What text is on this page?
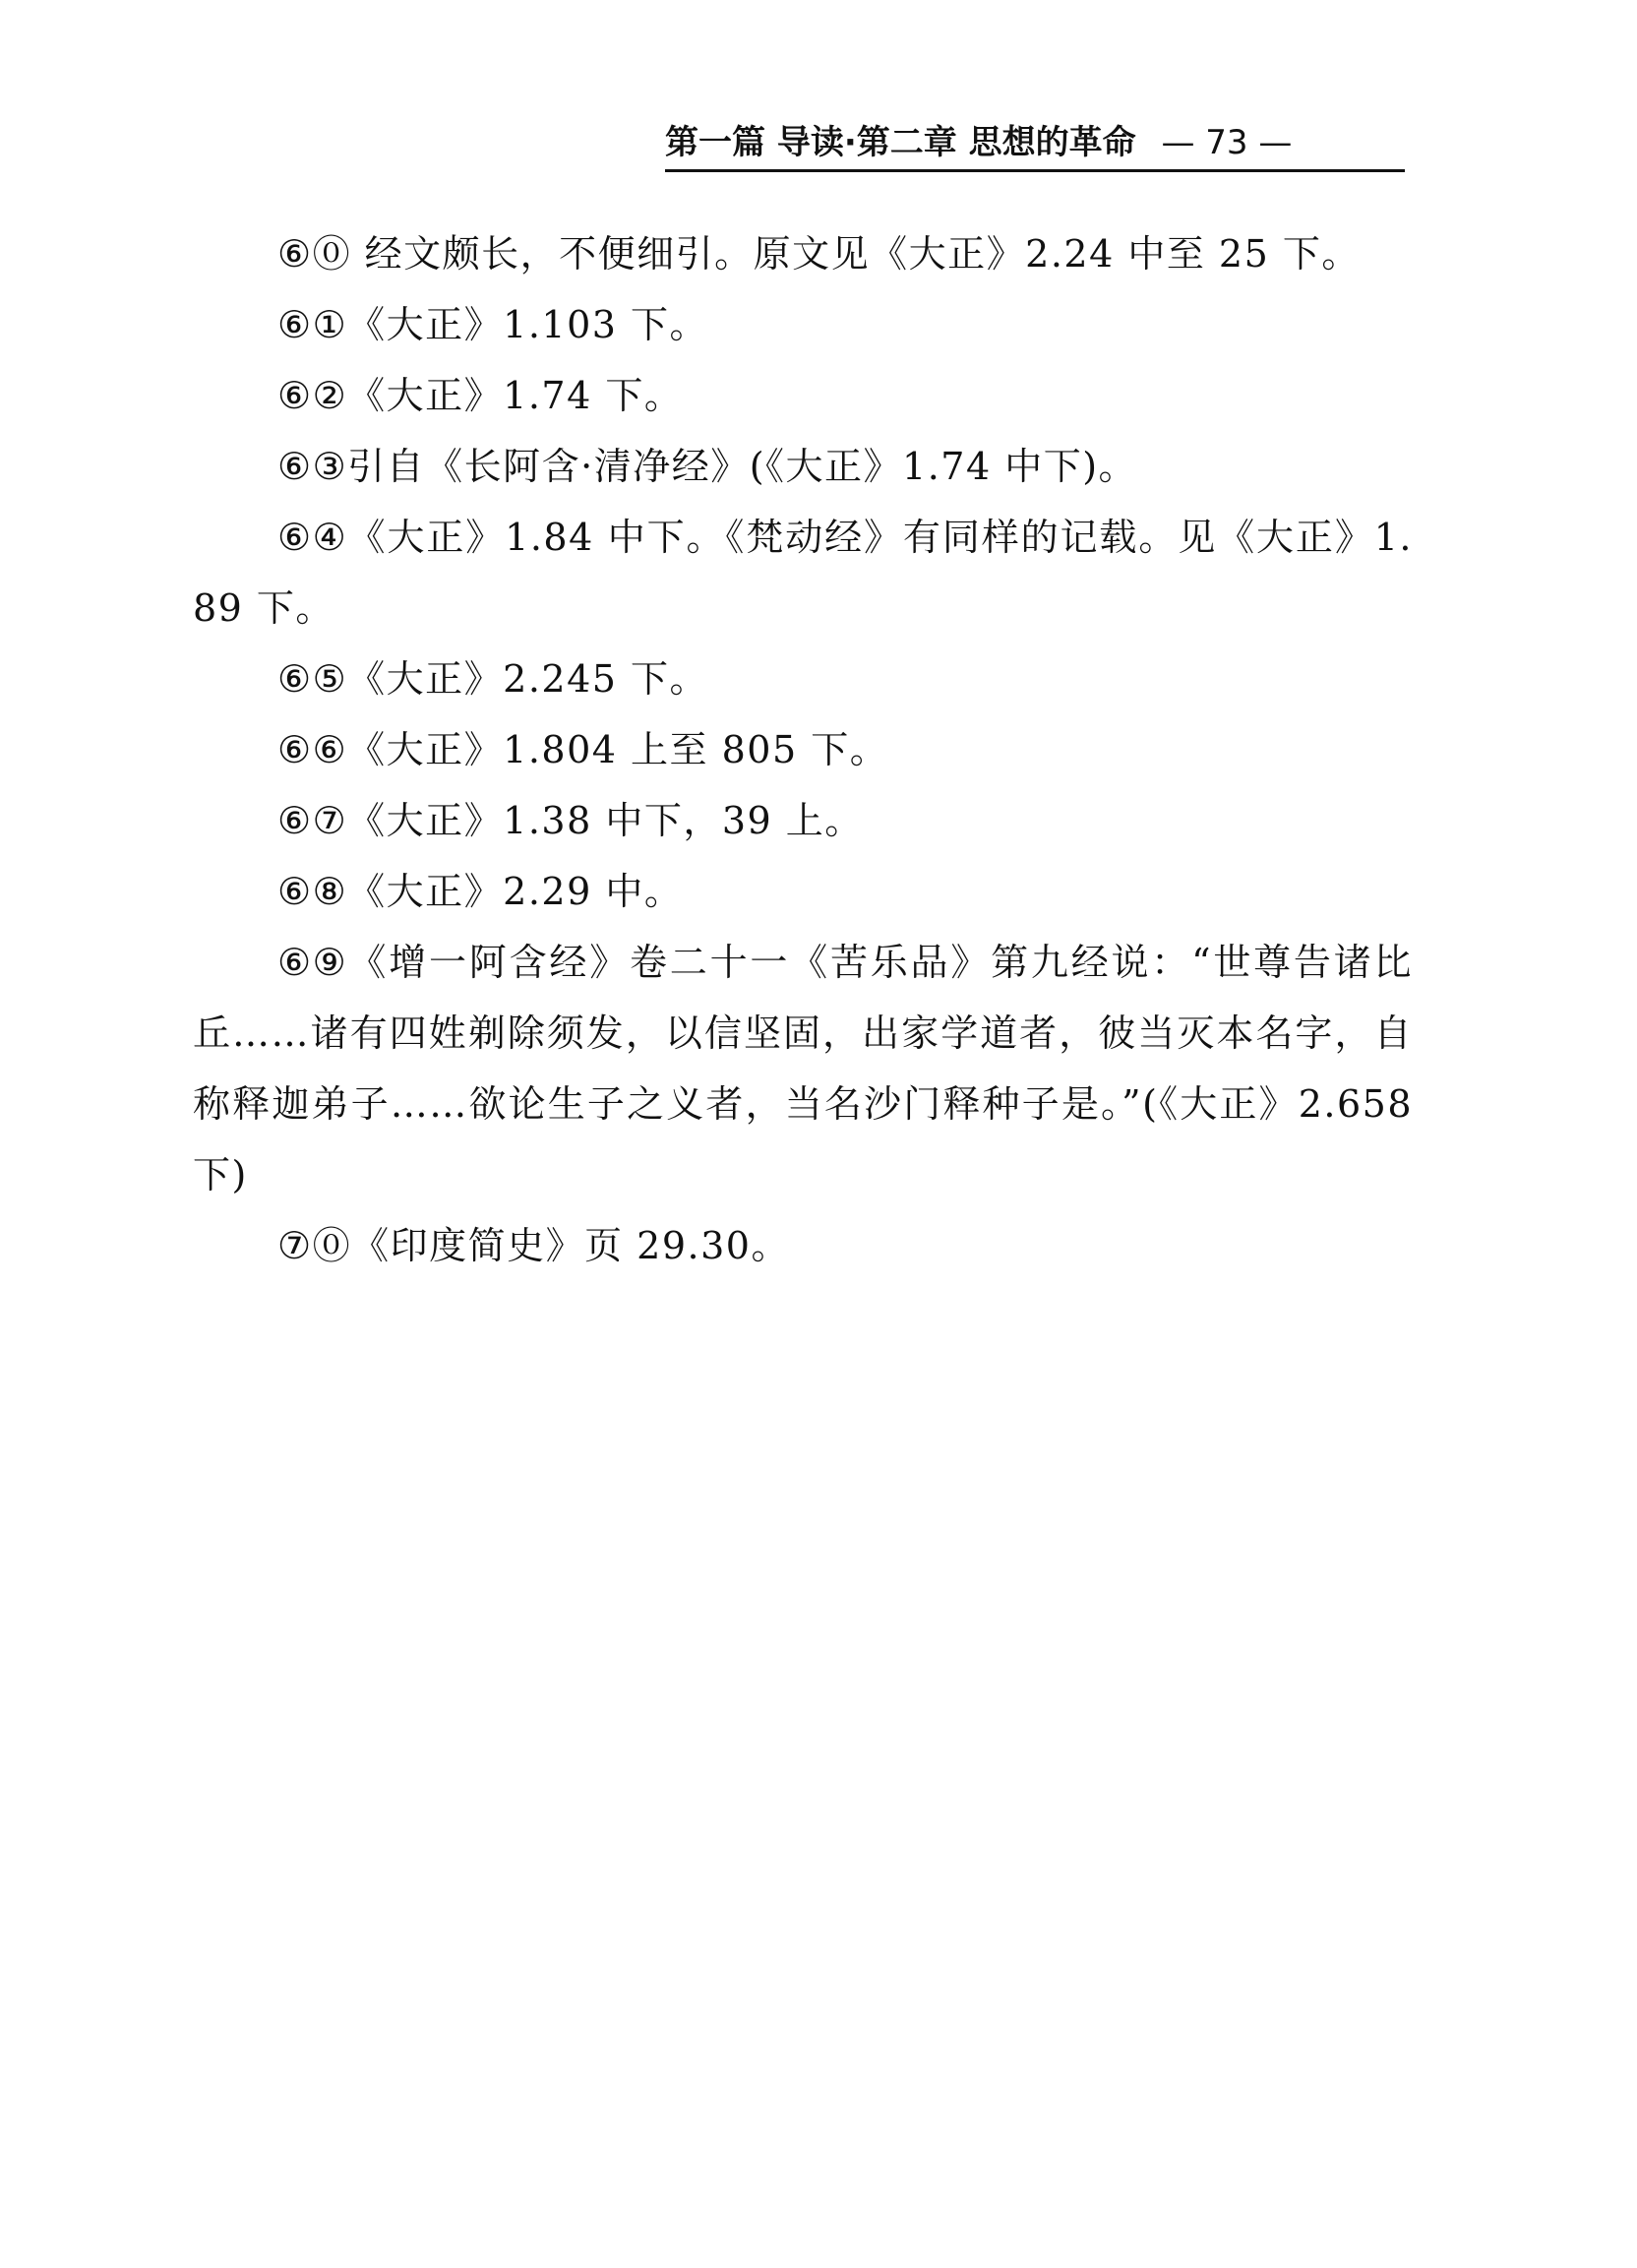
第一篇 导读·第二章 思想的革命 — 73 —
⑥⓪ 经文颇长，不便细引。原文见《大正》2.24 中至 25 下。
⑥①《大正》1.103 下。
⑥②《大正》1.74 下。
⑥③引自《长阿含·清净经》(《大正》1.74 中下)。
⑥④《大正》1.84 中下。《梵动经》有同样的记载。见《大正》1.89 下。
⑥⑤《大正》2.245 下。
⑥⑥《大正》1.804 上至 805 下。
⑥⑦《大正》1.38 中下，39 上。
⑥⑧《大正》2.29 中。
⑥⑨《增一阿含经》卷二十一《苦乐品》第九经说：“世尊告诸比丘……诸有四姓剃除须发，以信坚固，出家学道者，彼当灭本名字，自称释迦弟子……欲论生子之义者，当名沙门释种子是。”(《大正》2.658 下)
⑦⓪《印度简史》页 29.30。
